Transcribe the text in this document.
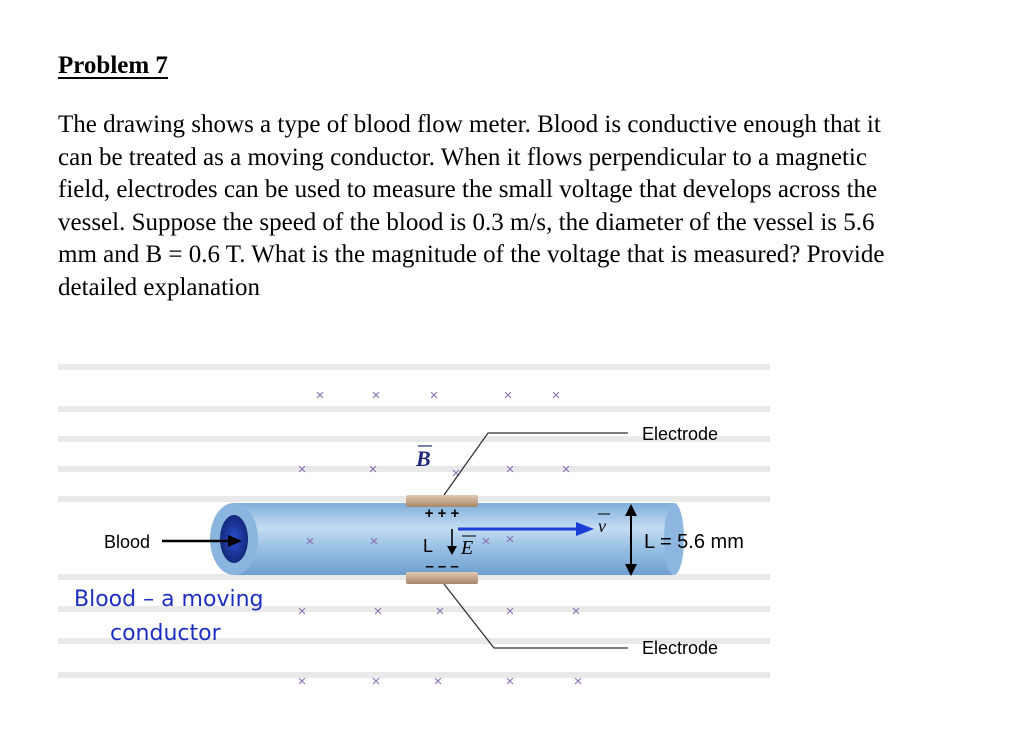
Problem 7
The drawing shows a type of blood flow meter. Blood is conductive enough that it
can be treated as a moving conductor. When it flows perpendicular to a magnetic
field, electrodes can be used to measure the small voltage that develops across the
vessel. Suppose the speed of the blood is 0.3 m/s, the diameter of the vessel is 5.6
mm and B = 0.6 T. What is the magnitude of the voltage that is measured? Provide
detailed explanation
×	×	×	×	×
×	×	×	×	×
×	×	× ×
×	×	×	×	×
×	×	×	×	×
Electrode
Electrode
+ + +
– – –
L E
B
v
L = 5.6 mm
Blood
Blood – a moving
conductor
